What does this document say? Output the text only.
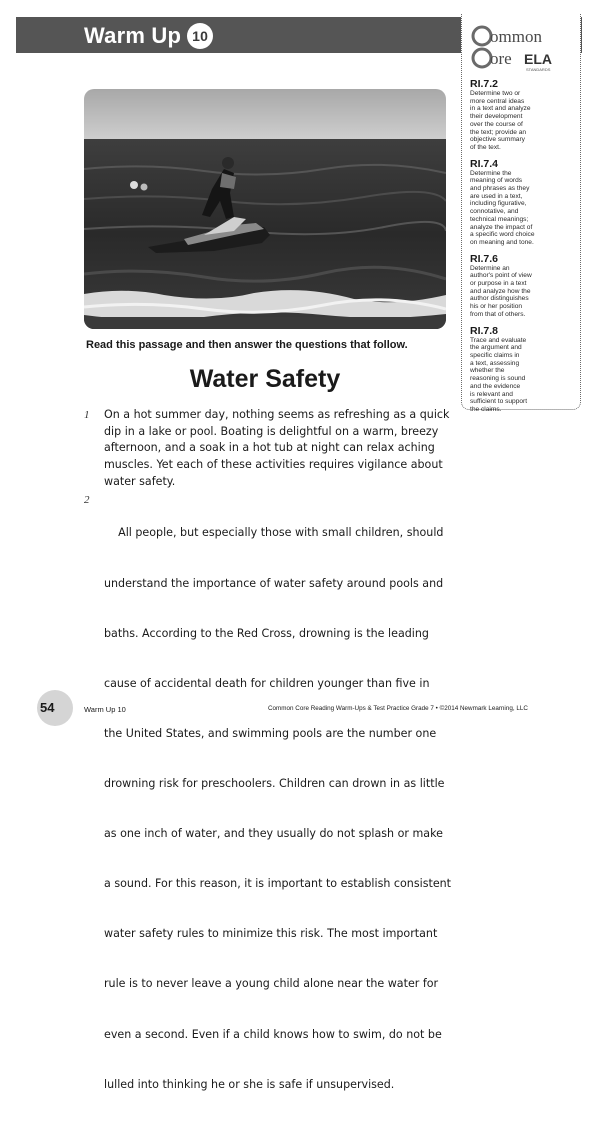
Warm Up 10	ommon
ore ELA
STANDARDS
RI.7.2
Determine two or
more central ideas
in a text and analyze
their development
over the course of
the text; provide an
objective summary
of the text.
RI.7.4
Determine the
meaning of words
and phrases as they
are used in a text,
including figurative,
connotative, and
technical meanings;
analyze the impact of
a specific word choice
on meaning and tone.
RI.7.6
Determine an
author's point of view
or purpose in a text
and analyze how the
author distinguishes
his or her position
from that of others.
RI.7.8
Trace and evaluate
the argument and
specific claims in
a text, assessing
whether the
reasoning is sound
and the evidence
is relevant and
sufficient to support
the claims.
Read this passage and then answer the questions that follow.
Water Safety
1 On a hot summer day, nothing seems as refreshing as a quick
dip in a lake or pool. Boating is delightful on a warm, breezy
afternoon, and a soak in a hot tub at night can relax aching
muscles. Yet each of these activities requires vigilance about
water safety.
2

All people, but especially those with small children, should

understand the importance of water safety around pools and

baths. According to the Red Cross, drowning is the leading

cause of accidental death for children younger than five in

the United States, and swimming pools are the number one

drowning risk for preschoolers. Children can drown in as little

as one inch of water, and they usually do not splash or make

a sound. For this reason, it is important to establish consistent

water safety rules to minimize this risk. The most important

rule is to never leave a young child alone near the water for

even a second. Even if a child knows how to swim, do not be

lulled into thinking he or she is safe if unsupervised.

54	Warm Up 10	Common Core Reading Warm-Ups & Test Practice Grade 7 • ©2014 Newmark Learning, LLC
